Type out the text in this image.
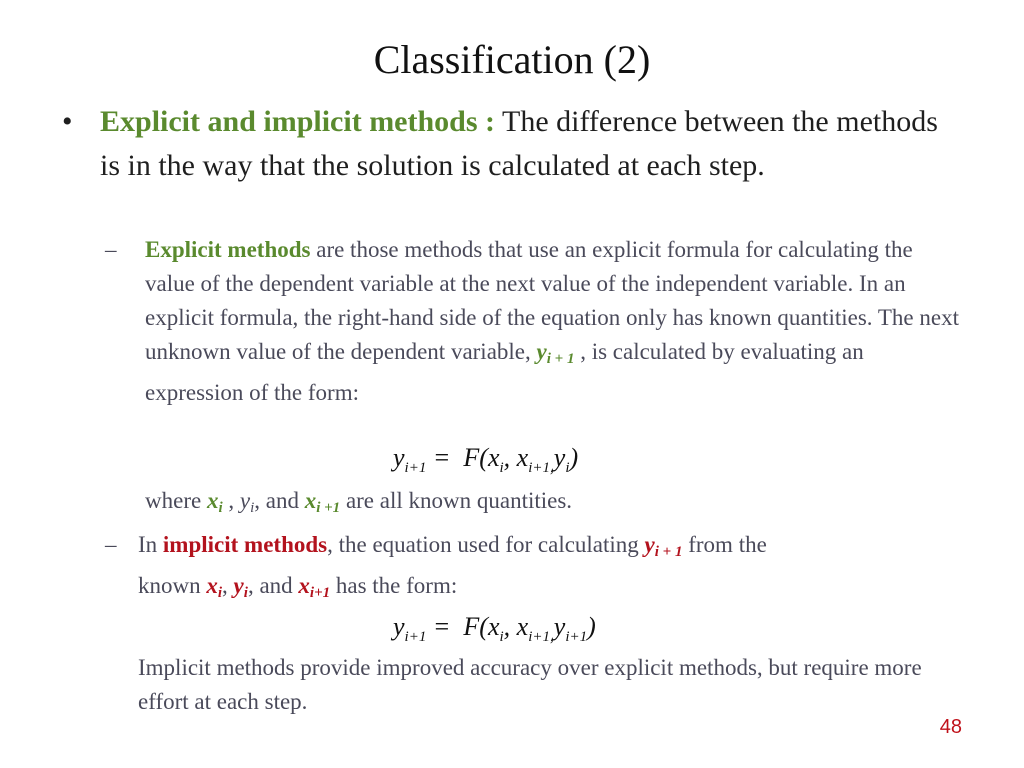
Classification (2)
• Explicit and implicit methods : The difference between the methods is in the way that the solution is calculated at each step.
– Explicit methods are those methods that use an explicit formula for calculating the value of the dependent variable at the next value of the independent variable. In an explicit formula, the right-hand side of the equation only has known quantities. The next unknown value of the dependent variable, yi + 1 , is calculated by evaluating an expression of the form:
$y_{i+1} = F(x_i$, $x_{i+1,}y_i$)
where xi , yi, and xi +1 are all known quantities.
– In implicit methods, the equation used for calculating yi + 1 from the
known xi, yi, and xi+1 has the form:
$y_{i+1} = F(x_i$, $x_{i+1,}y_{i+1}$)
Implicit methods provide improved accuracy over explicit methods, but require more effort at each step.
48
